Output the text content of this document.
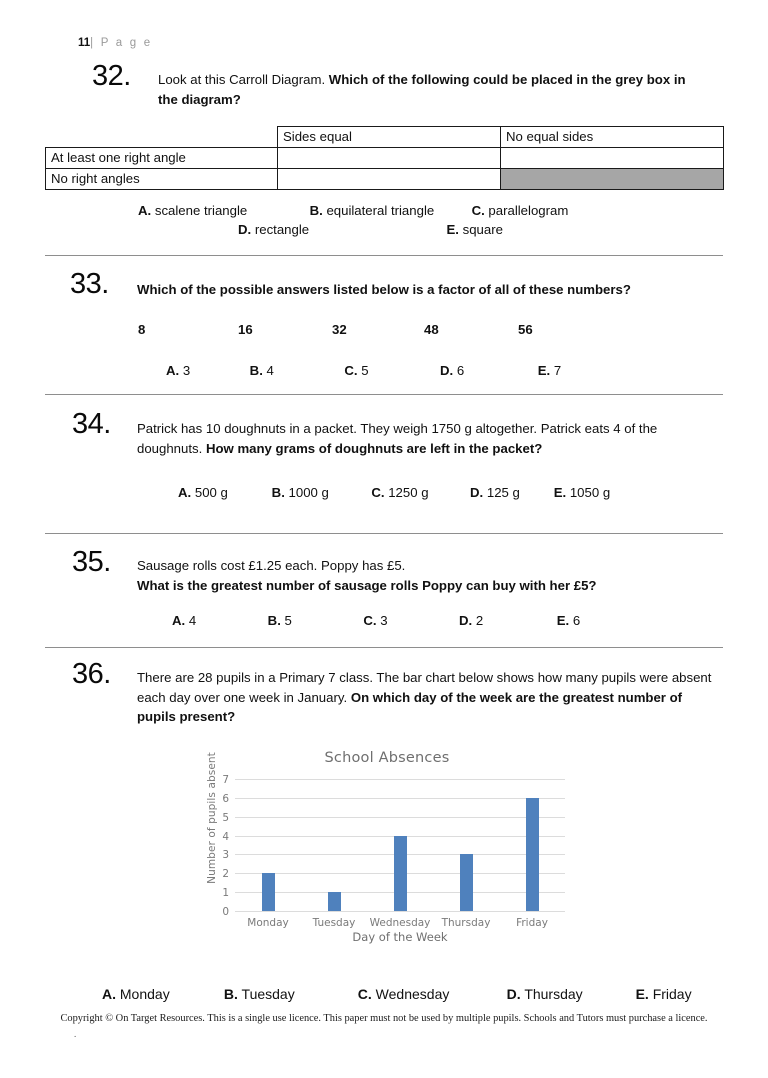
11| P a g e
32. Look at this Carroll Diagram. Which of the following could be placed in the grey box in the diagram?
	Sides equal	No equal sides
At least one right angle		
No right angles		
A. scalene triangle	B. equilateral triangle	C. parallelogram
D. rectangle	E. square
33. Which of the possible answers listed below is a factor of all of these numbers?
8	16	32	48	56
A. 3	B. 4	C. 5	D. 6	E. 7
34. Patrick has 10 doughnuts in a packet. They weigh 1750 g altogether. Patrick eats 4 of the doughnuts. How many grams of doughnuts are left in the packet?
A. 500 g	B. 1000 g	C. 1250 g	D. 125 g	E. 1050 g
35. Sausage rolls cost £1.25 each. Poppy has £5.
What is the greatest number of sausage rolls Poppy can buy with her £5?
A. 4	B. 5	C. 3	D. 2	E. 6
36. There are 28 pupils in a Primary 7 class. The bar chart below shows how many pupils were absent each day over one week in January. On which day of the week are the greatest number of pupils present?
School Absences
Number of pupils absent
0
1
2
3
4
5
6
7
Monday Tuesday Wednesday Thursday Friday
Day of the Week
A. Monday	B. Tuesday	C. Wednesday	D. Thursday	E. Friday
Copyright © On Target Resources. This is a single use licence. This paper must not be used by multiple pupils. Schools and Tutors must purchase a licence.
.
